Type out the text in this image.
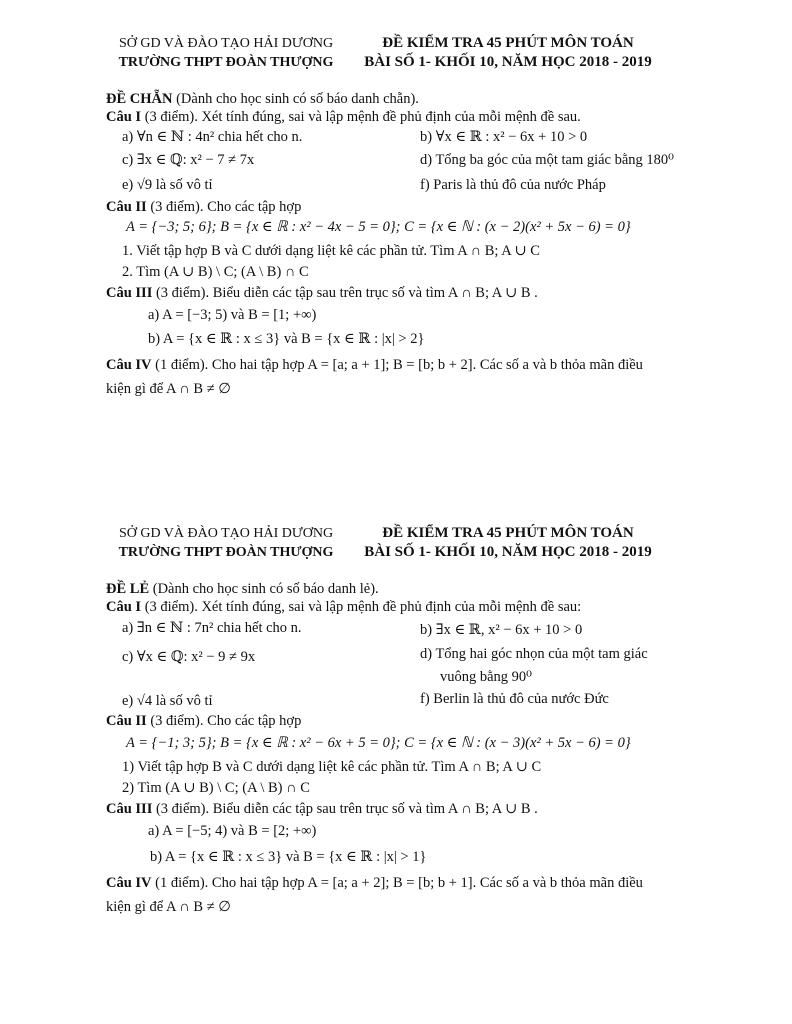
SỞ GD VÀ ĐÀO TẠO HẢI DƯƠNG
TRƯỜNG THPT ĐOÀN THƯỢNG
ĐỀ KIỂM TRA 45 PHÚT MÔN TOÁN
BÀI SỐ 1- KHỐI 10, NĂM HỌC 2018 - 2019
ĐỀ CHẴN (Dành cho học sinh có số báo danh chẵn).
Câu I (3 điểm). Xét tính đúng, sai và lập mệnh đề phủ định của mỗi mệnh đề sau.
a) ∀n ∈ ℕ : 4n² chia hết cho n.	b) ∀x ∈ ℝ : x² − 6x + 10 > 0
c) ∃x ∈ ℚ: x² − 7 ≠ 7x	d) Tổng ba góc của một tam giác bằng 180⁰
e) √9 là số vô tỉ	f) Paris là thủ đô của nước Pháp
Câu II (3 điểm). Cho các tập hợp
A = {−3; 5; 6}; B = {x ∈ ℝ : x² − 4x − 5 = 0}; C = {x ∈ ℕ : (x − 2)(x² + 5x − 6) = 0}
1. Viết tập hợp B và C dưới dạng liệt kê các phần tử. Tìm A ∩ B; A ∪ C
2. Tìm (A ∪ B) \ C; (A \ B) ∩ C
Câu III (3 điểm). Biểu diễn các tập sau trên trục số và tìm A ∩ B; A ∪ B .
a) A = [−3; 5) và B = [1; +∞)
b) A = {x ∈ ℝ : x ≤ 3} và B = {x ∈ ℝ : |x| > 2}
Câu IV (1 điểm). Cho hai tập hợp A = [a; a + 1]; B = [b; b + 2]. Các số a và b thỏa mãn điều
kiện gì để A ∩ B ≠ ∅
SỞ GD VÀ ĐÀO TẠO HẢI DƯƠNG
TRƯỜNG THPT ĐOÀN THƯỢNG
ĐỀ KIỂM TRA 45 PHÚT MÔN TOÁN
BÀI SỐ 1- KHỐI 10, NĂM HỌC 2018 - 2019
ĐỀ LẺ (Dành cho học sinh có số báo danh lẻ).
Câu I (3 điểm). Xét tính đúng, sai và lập mệnh đề phủ định của mỗi mệnh đề sau:
a) ∃n ∈ ℕ : 7n² chia hết cho n.	b) ∃x ∈ ℝ, x² − 6x + 10 > 0
c) ∀x ∈ ℚ: x² − 9 ≠ 9x	d) Tổng hai góc nhọn của một tam giác
vuông bằng 90⁰
e) √4 là số vô tỉ	f) Berlin là thủ đô của nước Đức
Câu II (3 điểm). Cho các tập hợp
A = {−1; 3; 5}; B = {x ∈ ℝ : x² − 6x + 5 = 0}; C = {x ∈ ℕ : (x − 3)(x² + 5x − 6) = 0}
1) Viết tập hợp B và C dưới dạng liệt kê các phần tử. Tìm A ∩ B; A ∪ C
2) Tìm (A ∪ B) \ C; (A \ B) ∩ C
Câu III (3 điểm). Biểu diễn các tập sau trên trục số và tìm A ∩ B; A ∪ B .
a) A = [−5; 4) và B = [2; +∞)
b) A = {x ∈ ℝ : x ≤ 3} và B = {x ∈ ℝ : |x| > 1}
Câu IV (1 điểm). Cho hai tập hợp A = [a; a + 2]; B = [b; b + 1]. Các số a và b thỏa mãn điều
kiện gì để A ∩ B ≠ ∅
